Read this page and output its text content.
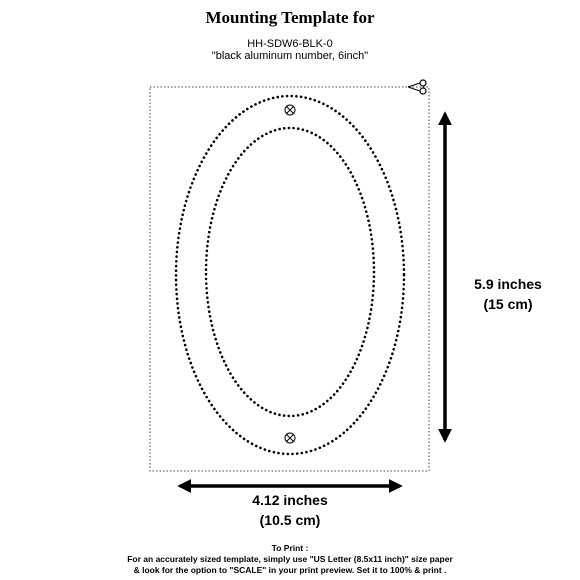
Mounting Template for
HH-SDW6-BLK-0
"black aluminum number, 6inch"
5.9 inches
(15 cm)
4.12 inches
(10.5 cm)
To Print :
For an accurately sized template, simply use "US Letter (8.5x11 inch)" size paper
& look for the option to "SCALE" in your print preview. Set it to 100% & print .
